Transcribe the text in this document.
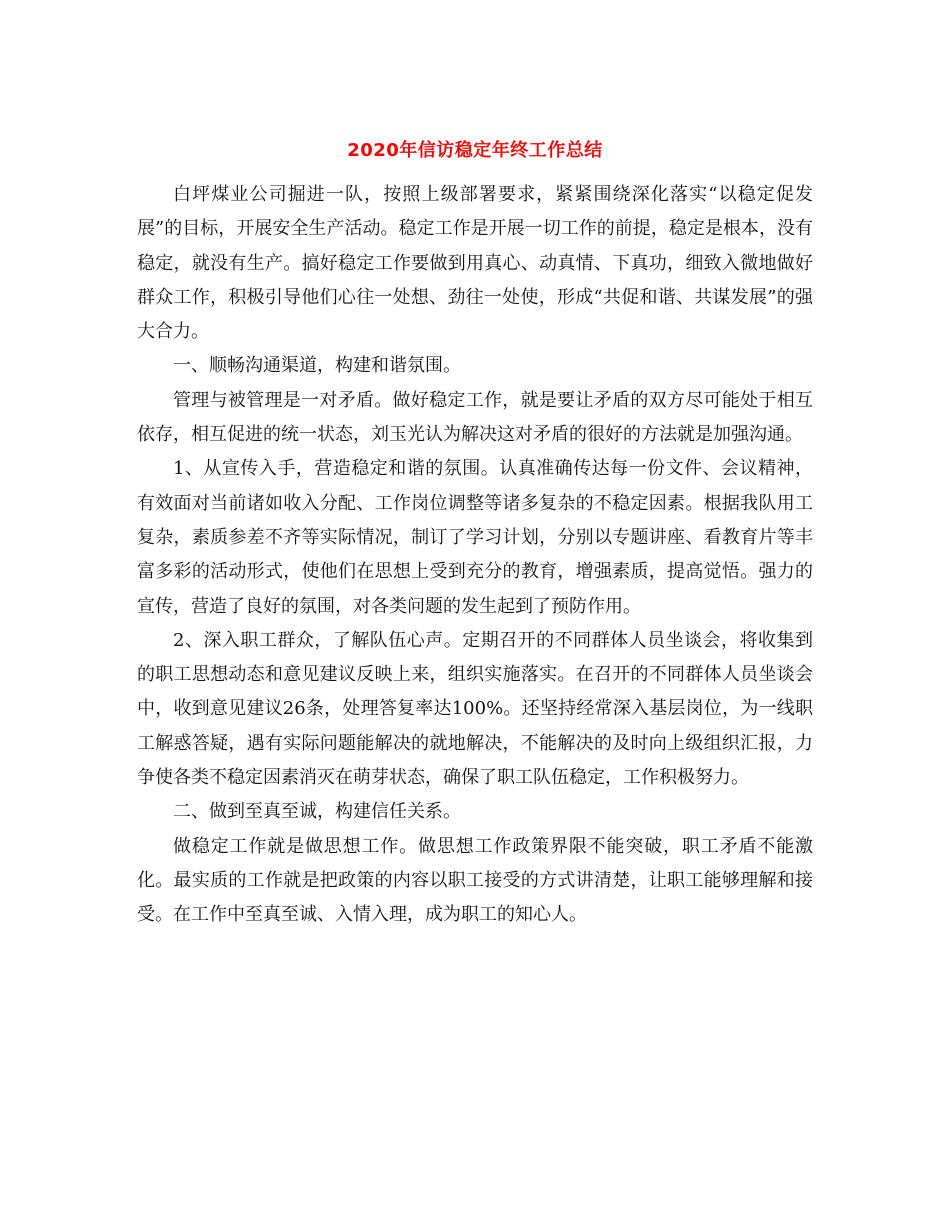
2020年信访稳定年终工作总结

白坪煤业公司掘进一队，按照上级部署要求，紧紧围绕深化落实“以稳定促发展”的目标，开展安全生产活动。稳定工作是开展一切工作的前提，稳定是根本，没有稳定，就没有生产。搞好稳定工作要做到用真心、动真情、下真功，细致入微地做好群众工作，积极引导他们心往一处想、劲往一处使，形成“共促和谐、共谋发展”的强大合力。

一、顺畅沟通渠道，构建和谐氛围。

管理与被管理是一对矛盾。做好稳定工作，就是要让矛盾的双方尽可能处于相互依存，相互促进的统一状态，刘玉光认为解决这对矛盾的很好的方法就是加强沟通。

1、从宣传入手，营造稳定和谐的氛围。认真准确传达每一份文件、会议精神，有效面对当前诸如收入分配、工作岗位调整等诸多复杂的不稳定因素。根据我队用工复杂，素质参差不齐等实际情况，制订了学习计划，分别以专题讲座、看教育片等丰富多彩的活动形式，使他们在思想上受到充分的教育，增强素质，提高觉悟。强力的宣传，营造了良好的氛围，对各类问题的发生起到了预防作用。

2、深入职工群众，了解队伍心声。定期召开的不同群体人员坐谈会，将收集到的职工思想动态和意见建议反映上来，组织实施落实。在召开的不同群体人员坐谈会中，收到意见建议26条，处理答复率达100%。还坚持经常深入基层岗位，为一线职工解惑答疑，遇有实际问题能解决的就地解决，不能解决的及时向上级组织汇报，力争使各类不稳定因素消灭在萌芽状态，确保了职工队伍稳定，工作积极努力。

二、做到至真至诚，构建信任关系。

做稳定工作就是做思想工作。做思想工作政策界限不能突破，职工矛盾不能激化。最实质的工作就是把政策的内容以职工接受的方式讲清楚，让职工能够理解和接受。在工作中至真至诚、入情入理，成为职工的知心人。
